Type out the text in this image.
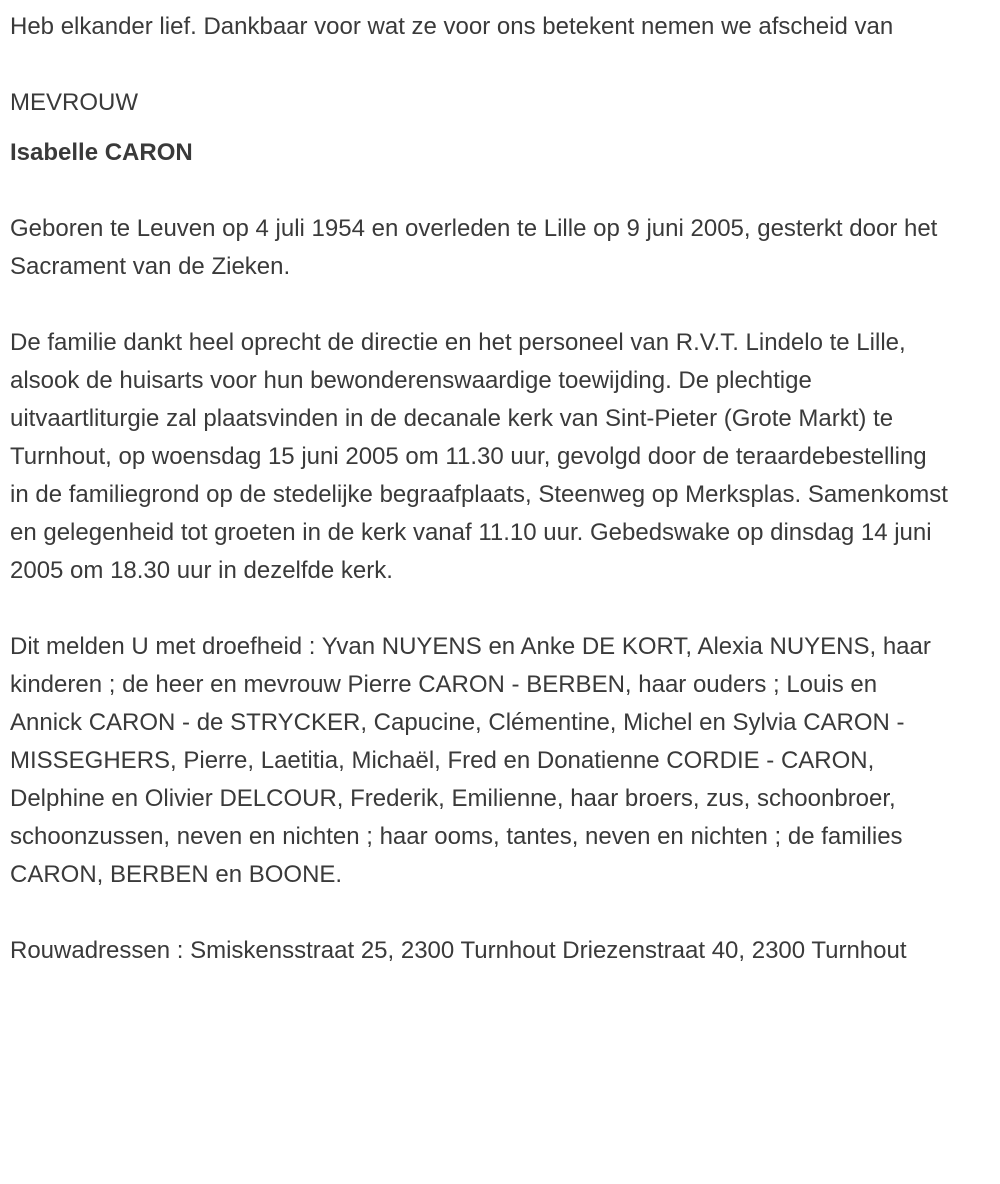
Heb elkander lief. Dankbaar voor wat ze voor ons betekent nemen we afscheid van

MEVROUW

Isabelle CARON

Geboren te Leuven op 4 juli 1954 en overleden te Lille op 9 juni 2005, gesterkt door het Sacrament van de Zieken.

De familie dankt heel oprecht de directie en het personeel van R.V.T. Lindelo te Lille, alsook de huisarts voor hun bewonderenswaardige toewijding. De plechtige uitvaartliturgie zal plaatsvinden in de decanale kerk van Sint-Pieter (Grote Markt) te Turnhout, op woensdag 15 juni 2005 om 11.30 uur, gevolgd door de teraardebestelling in de familiegrond op de stedelijke begraafplaats, Steenweg op Merksplas. Samenkomst en gelegenheid tot groeten in de kerk vanaf 11.10 uur. Gebedswake op dinsdag 14 juni 2005 om 18.30 uur in dezelfde kerk.

Dit melden U met droefheid : Yvan NUYENS en Anke DE KORT, Alexia NUYENS, haar kinderen ; de heer en mevrouw Pierre CARON - BERBEN, haar ouders ; Louis en Annick CARON - de STRYCKER, Capucine, Clémentine, Michel en Sylvia CARON - MISSEGHERS, Pierre, Laetitia, Michaël, Fred en Donatienne CORDIE - CARON, Delphine en Olivier DELCOUR, Frederik, Emilienne, haar broers, zus, schoonbroer, schoonzussen, neven en nichten ; haar ooms, tantes, neven en nichten ; de families CARON, BERBEN en BOONE.

Rouwadressen : Smiskensstraat 25, 2300 Turnhout Driezenstraat 40, 2300 Turnhout
